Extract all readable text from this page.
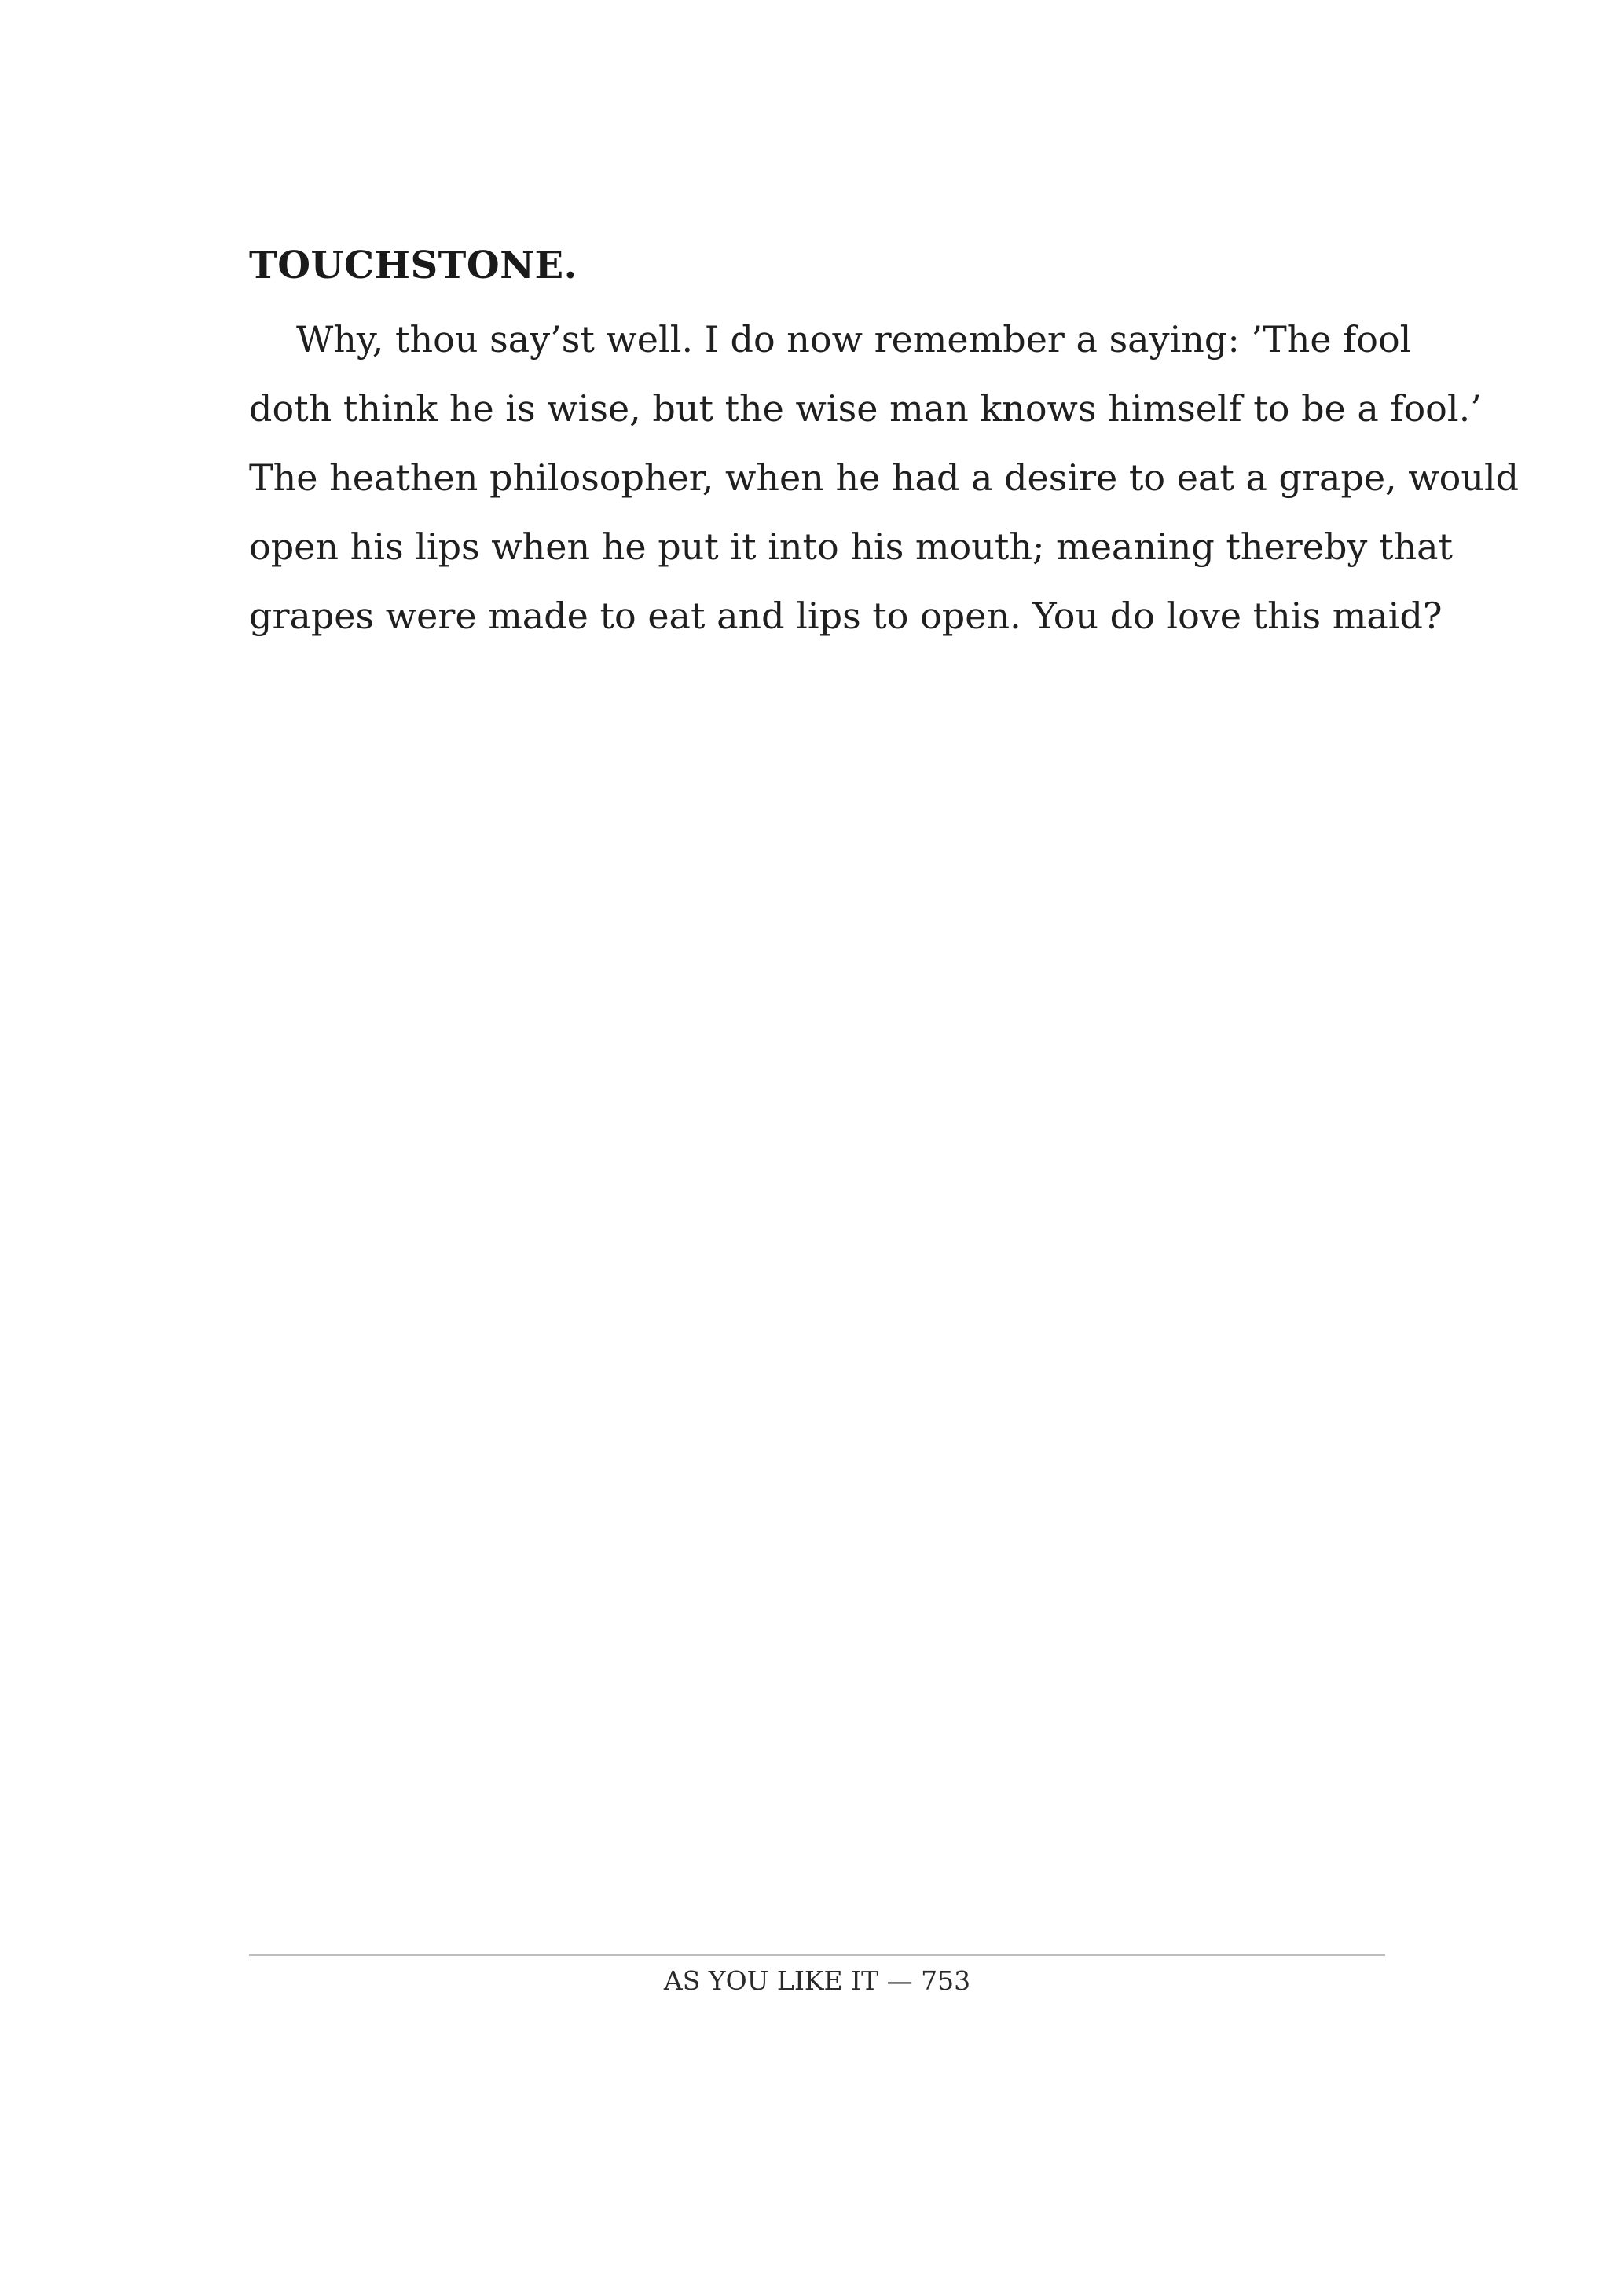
TOUCHSTONE.
Why, thou say’st well. I do now remember a saying: ’The fool
doth think he is wise, but the wise man knows himself to be a fool.’
The heathen philosopher, when he had a desire to eat a grape, would
open his lips when he put it into his mouth; meaning thereby that
grapes were made to eat and lips to open. You do love this maid?
AS YOU LIKE IT — 753
